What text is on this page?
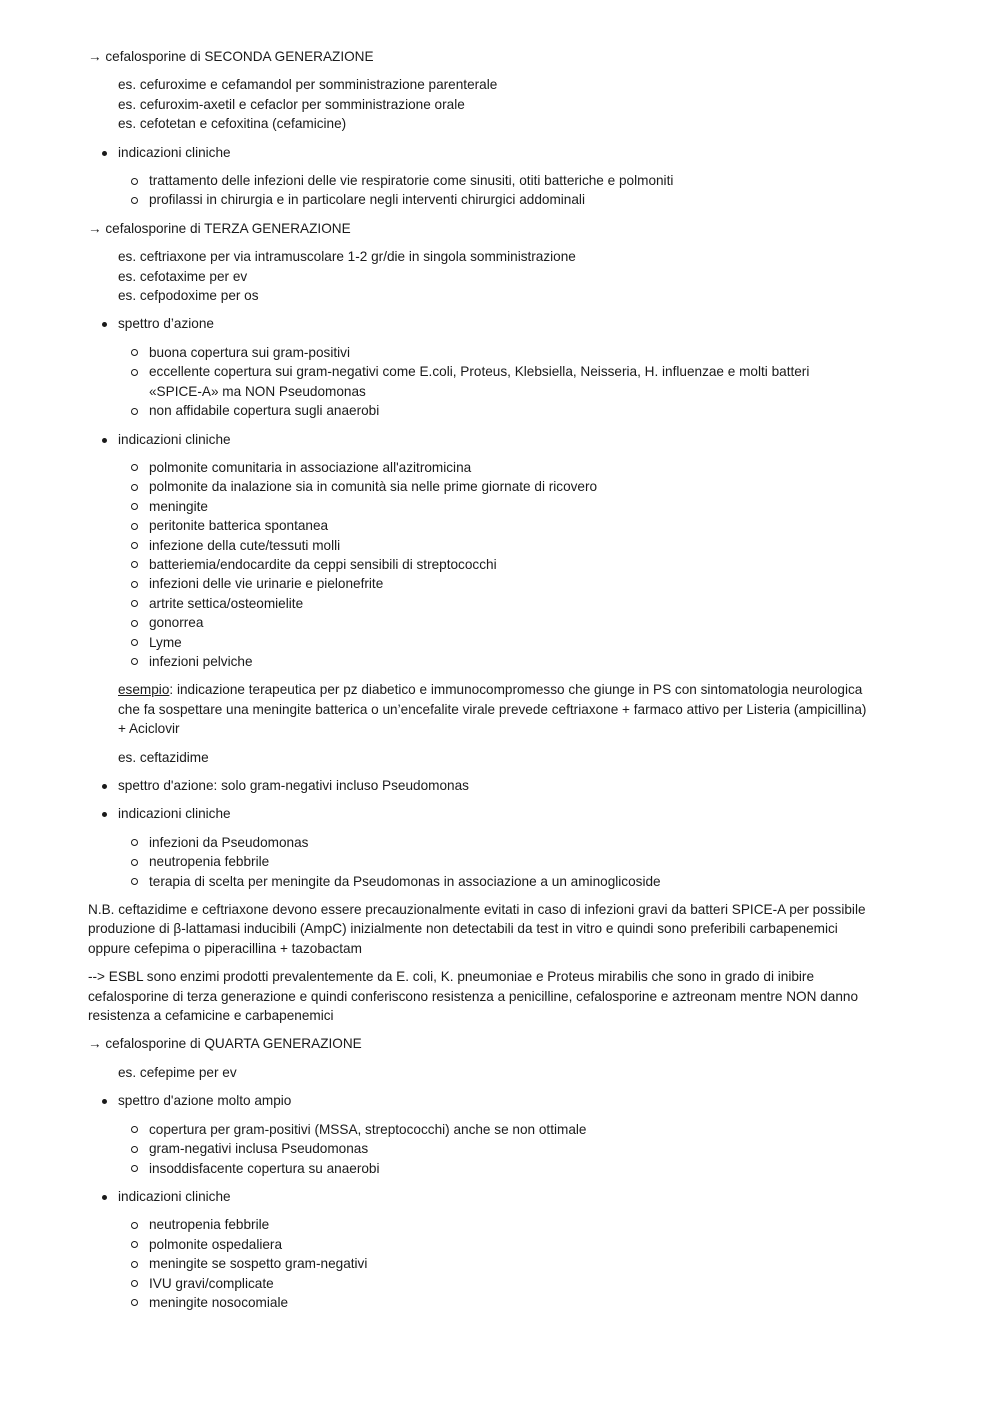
→ cefalosporine di SECONDA GENERAZIONE
es. cefuroxime e cefamandol per somministrazione parenterale
es. cefuroxim-axetil e cefaclor per somministrazione orale
es. cefotetan e cefoxitina (cefamicine)
indicazioni cliniche
trattamento delle infezioni delle vie respiratorie come sinusiti, otiti batteriche e polmoniti
profilassi in chirurgia e in particolare negli interventi chirurgici addominali
→ cefalosporine di TERZA GENERAZIONE
es. ceftriaxone per via intramuscolare 1-2 gr/die in singola somministrazione
es. cefotaxime per ev
es. cefpodoxime per os
spettro d’azione
buona copertura sui gram-positivi
eccellente copertura sui gram-negativi come E.coli, Proteus, Klebsiella, Neisseria, H. influenzae e molti batteri «SPICE-A» ma NON Pseudomonas
non affidabile copertura sugli anaerobi
indicazioni cliniche
polmonite comunitaria in associazione all'azitromicina
polmonite da inalazione sia in comunità sia nelle prime giornate di ricovero
meningite
peritonite batterica spontanea
infezione della cute/tessuti molli
batteriemia/endocardite da ceppi sensibili di streptococchi
infezioni delle vie urinarie e pielonefrite
artrite settica/osteomielite
gonorrea
Lyme
infezioni pelviche
esempio: indicazione terapeutica per pz diabetico e immunocompromesso che giunge in PS con sintomatologia neurologica che fa sospettare una meningite batterica o un’encefalite virale prevede ceftriaxone + farmaco attivo per Listeria (ampicillina) + Aciclovir
es. ceftazidime
spettro d'azione: solo gram-negativi incluso Pseudomonas
indicazioni cliniche
infezioni da Pseudomonas
neutropenia febbrile
terapia di scelta per meningite da Pseudomonas in associazione a un aminoglicoside
N.B. ceftazidime e ceftriaxone devono essere precauzionalmente evitati in caso di infezioni gravi da batteri SPICE-A per possibile produzione di β-lattamasi inducibili (AmpC) inizialmente non detectabili da test in vitro e quindi sono preferibili carbapenemici oppure cefepima o piperacillina + tazobactam
--> ESBL sono enzimi prodotti prevalentemente da E. coli, K. pneumoniae e Proteus mirabilis che sono in grado di inibire cefalosporine di terza generazione e quindi conferiscono resistenza a penicilline, cefalosporine e aztreonam mentre NON danno resistenza a cefamicine e carbapenemici
→ cefalosporine di QUARTA GENERAZIONE
es. cefepime per ev
spettro d'azione molto ampio
copertura per gram-positivi (MSSA, streptococchi) anche se non ottimale
gram-negativi inclusa Pseudomonas
insoddisfacente copertura su anaerobi
indicazioni cliniche
neutropenia febbrile
polmonite ospedaliera
meningite se sospetto gram-negativi
IVU gravi/complicate
meningite nosocomiale
